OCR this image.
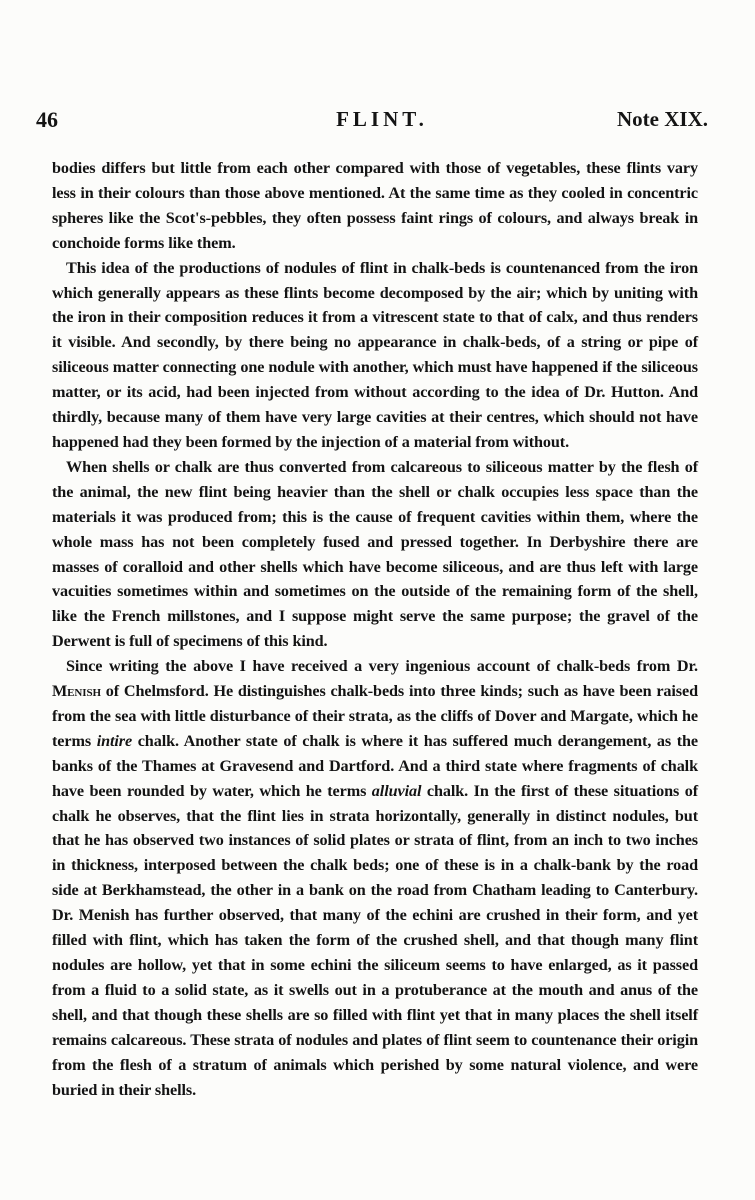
46	FLINT.	Note XIX.

bodies differs but little from each other compared with those of vegetables, these flints vary less in their colours than those above mentioned. At the same time as they cooled in concentric spheres like the Scot's-pebbles, they often possess faint rings of colours, and always break in conchoide forms like them.

This idea of the productions of nodules of flint in chalk-beds is countenanced from the iron which generally appears as these flints become decomposed by the air; which by uniting with the iron in their composition reduces it from a vitrescent state to that of calx, and thus renders it visible. And secondly, by there being no appearance in chalk-beds, of a string or pipe of siliceous matter connecting one nodule with another, which must have happened if the siliceous matter, or its acid, had been injected from without according to the idea of Dr. Hutton. And thirdly, because many of them have very large cavities at their centres, which should not have happened had they been formed by the injection of a material from without.

When shells or chalk are thus converted from calcareous to siliceous matter by the flesh of the animal, the new flint being heavier than the shell or chalk occupies less space than the materials it was produced from; this is the cause of frequent cavities within them, where the whole mass has not been completely fused and pressed together. In Derbyshire there are masses of coralloid and other shells which have become siliceous, and are thus left with large vacuities sometimes within and sometimes on the outside of the remaining form of the shell, like the French millstones, and I suppose might serve the same purpose; the gravel of the Derwent is full of specimens of this kind.

Since writing the above I have received a very ingenious account of chalk-beds from Dr. Menish of Chelmsford. He distinguishes chalk-beds into three kinds; such as have been raised from the sea with little disturbance of their strata, as the cliffs of Dover and Margate, which he terms intire chalk. Another state of chalk is where it has suffered much derangement, as the banks of the Thames at Gravesend and Dartford. And a third state where fragments of chalk have been rounded by water, which he terms alluvial chalk. In the first of these situations of chalk he observes, that the flint lies in strata horizontally, generally in distinct nodules, but that he has observed two instances of solid plates or strata of flint, from an inch to two inches in thickness, interposed between the chalk beds; one of these is in a chalk-bank by the road side at Berkhamstead, the other in a bank on the road from Chatham leading to Canterbury. Dr. Menish has further observed, that many of the echini are crushed in their form, and yet filled with flint, which has taken the form of the crushed shell, and that though many flint nodules are hollow, yet that in some echini the siliceum seems to have enlarged, as it passed from a fluid to a solid state, as it swells out in a protuberance at the mouth and anus of the shell, and that though these shells are so filled with flint yet that in many places the shell itself remains calcareous. These strata of nodules and plates of flint seem to countenance their origin from the flesh of a stratum of animals which perished by some natural violence, and were buried in their shells.
